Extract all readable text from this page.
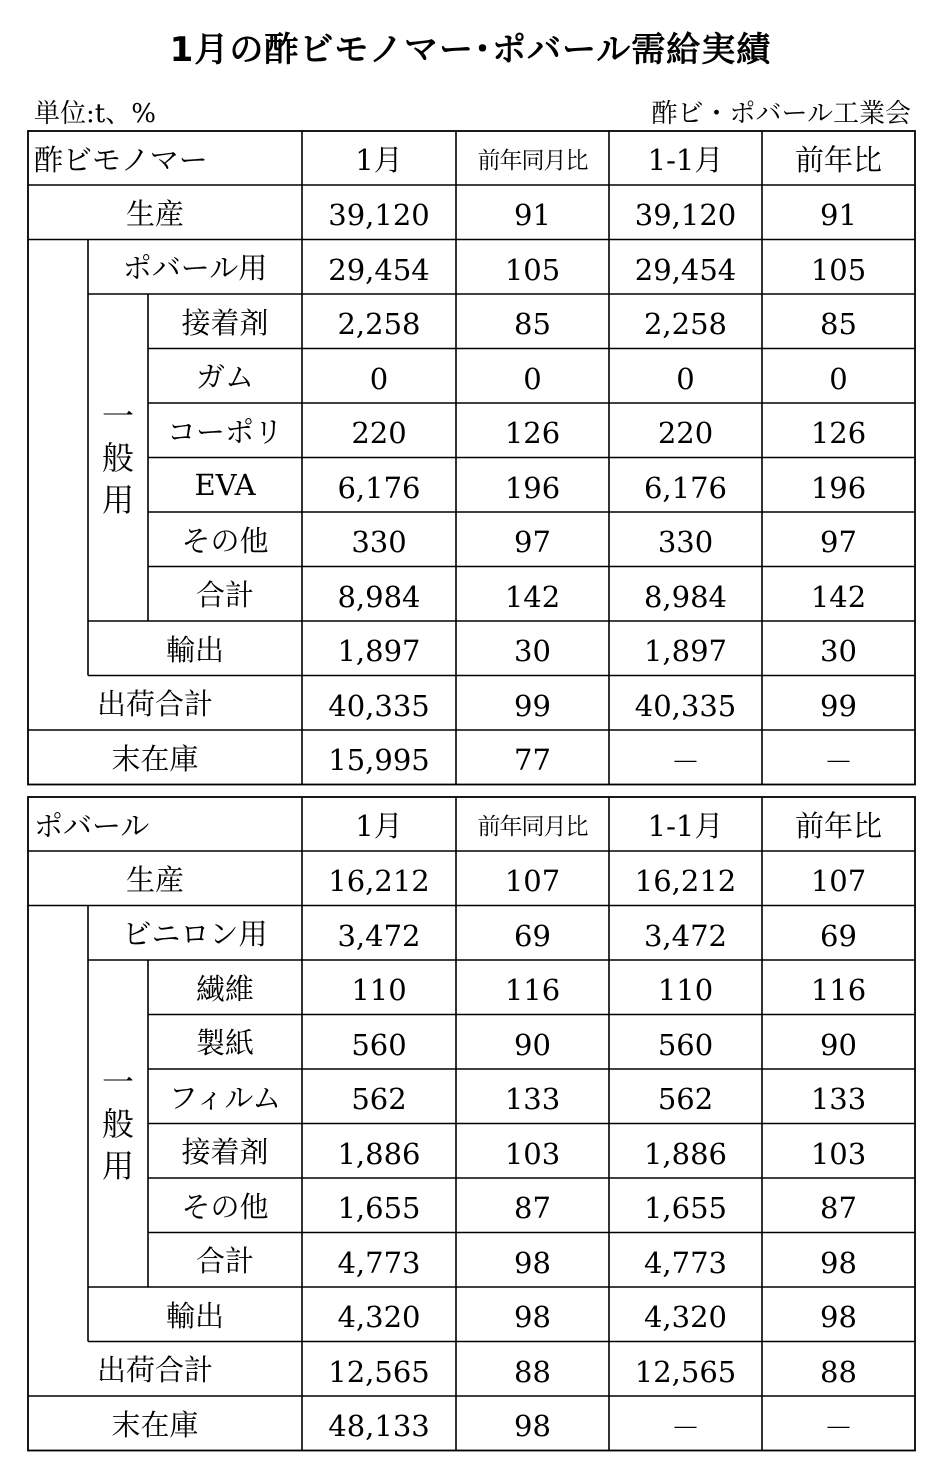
1月の酢ビモノマー･ポバール需給実績
単位:t、%	酢ビ・ポバール工業会
酢ビモノマー	1月	前年同月比	1-1月	前年比
生産	39,120	91	39,120	91
ポバール用	29,454	105	29,454	105
接着剤	2,258	85	2,258	85
ガム	0	0	0	0
コーポリ	220	126	220	126
EVA	6,176	196	6,176	196
その他	330	97	330	97
合計	8,984	142	8,984	142
輸出	1,897	30	1,897	30
出荷合計	40,335	99	40,335	99
末在庫	15,995	77	－	－
一
般
用
ポバール	1月	前年同月比	1-1月	前年比
生産	16,212	107	16,212	107
ビニロン用	3,472	69	3,472	69
繊維	110	116	110	116
製紙	560	90	560	90
フィルム	562	133	562	133
接着剤	1,886	103	1,886	103
その他	1,655	87	1,655	87
合計	4,773	98	4,773	98
輸出	4,320	98	4,320	98
出荷合計	12,565	88	12,565	88
末在庫	48,133	98	－	－
一
般
用
